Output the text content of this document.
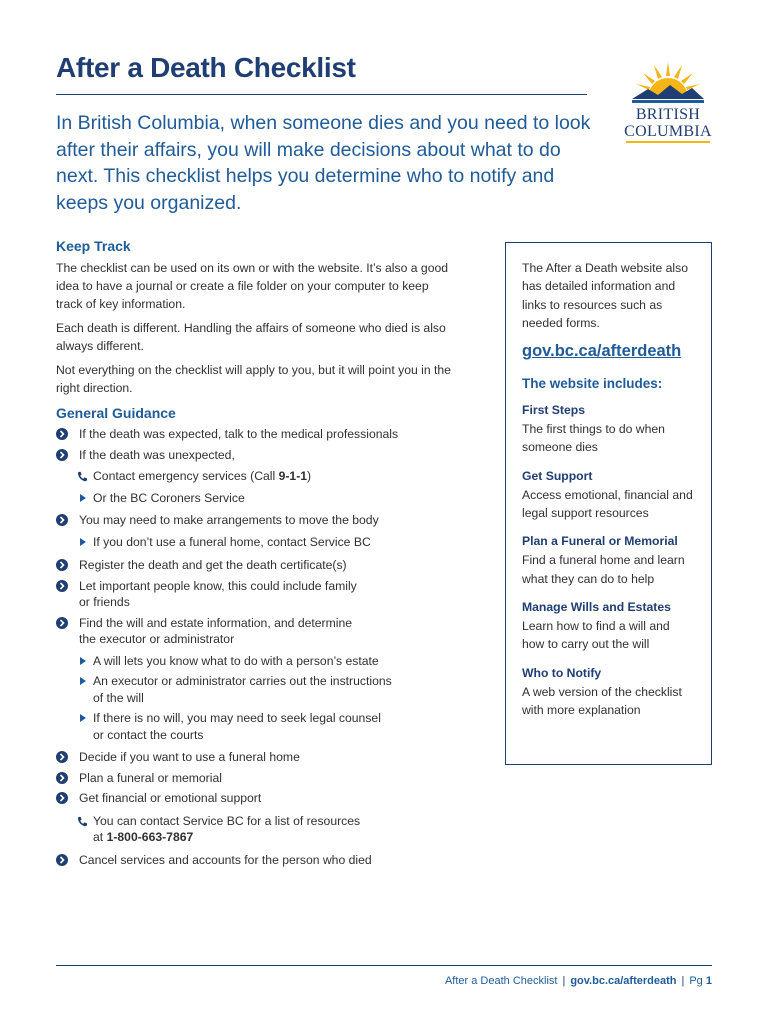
After a Death Checklist

In British Columbia, when someone dies and you need to look after their affairs, you will make decisions about what to do next. This checklist helps you determine who to notify and keeps you organized.

BRITISH
COLUMBIA
Keep Track

The checklist can be used on its own or with the website. It’s also a good idea to have a journal or create a file folder on your computer to keep track of key information.

Each death is different. Handling the affairs of someone who died is also always different.

Not everything on the checklist will apply to you, but it will point you in the right direction.

General Guidance
If the death was expected, talk to the medical professionals
If the death was unexpected,
Contact emergency services (Call 9-1-1)
Or the BC Coroners Service
You may need to make arrangements to move the body
If you don’t use a funeral home, contact Service BC
Register the death and get the death certificate(s)
Let important people know, this could include family
or friends
Find the will and estate information, and determine
the executor or administrator
A will lets you know what to do with a person’s estate
An executor or administrator carries out the instructions
of the will
If there is no will, you may need to seek legal counsel
or contact the courts
Decide if you want to use a funeral home
Plan a funeral or memorial
Get financial or emotional support
You can contact Service BC for a list of resources
at 1-800-663-7867
Cancel services and accounts for the person who died

The After a Death website also has detailed information and links to resources such as needed forms.

gov.bc.ca/afterdeath
The website includes:
First Steps

The first things to do when someone dies

Get Support

Access emotional, financial and legal support resources

Plan a Funeral or Memorial

Find a funeral home and learn what they can do to help

Manage Wills and Estates

Learn how to find a will and how to carry out the will

Who to Notify

A web version of the checklist with more explanation

After a Death Checklist | gov.bc.ca/afterdeath | Pg 1
